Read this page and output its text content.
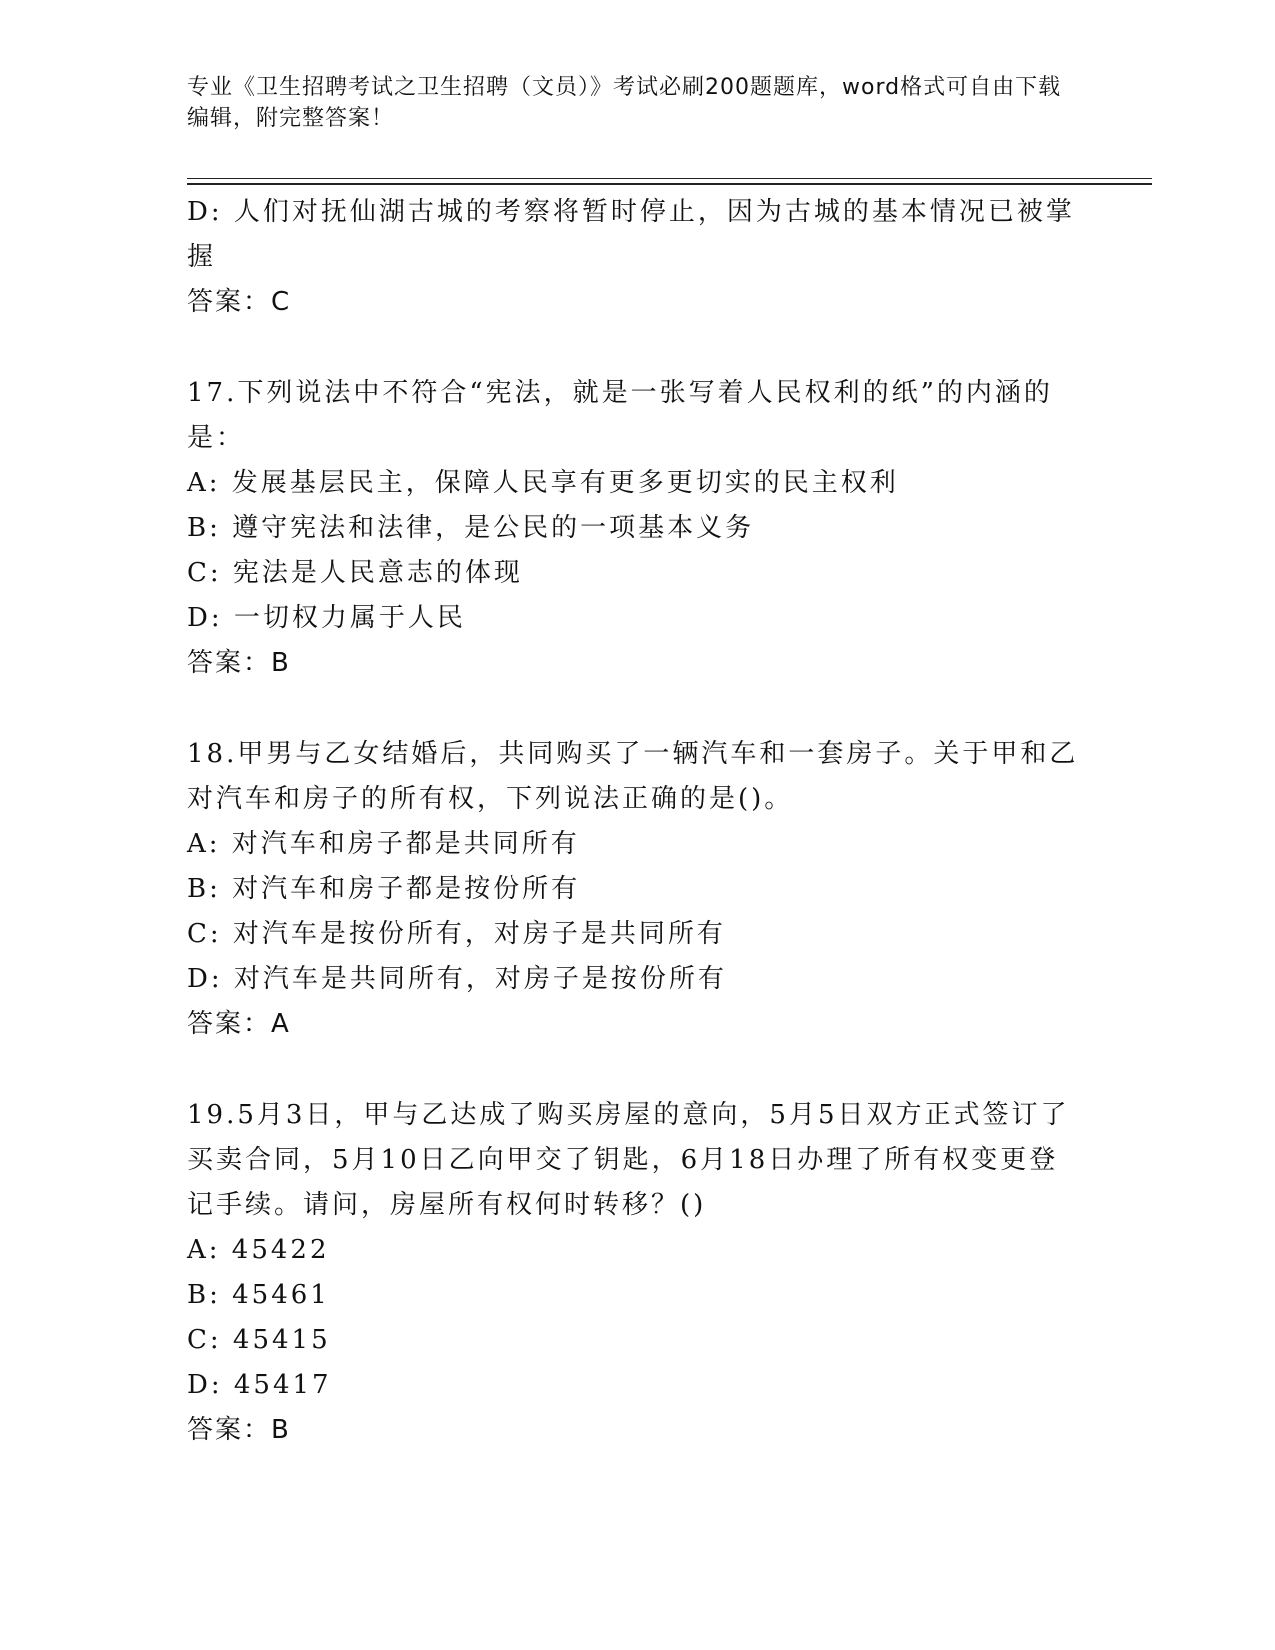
专业《卫生招聘考试之卫生招聘（文员）》考试必刷200题题库，word格式可自由下载编辑，附完整答案！
D: 人们对抚仙湖古城的考察将暂时停止，因为古城的基本情况已被掌握
答案：C
17.下列说法中不符合“宪法，就是一张写着人民权利的纸”的内涵的是：
A: 发展基层民主，保障人民享有更多更切实的民主权利
B: 遵守宪法和法律，是公民的一项基本义务
C: 宪法是人民意志的体现
D: 一切权力属于人民
答案：B
18.甲男与乙女结婚后，共同购买了一辆汽车和一套房子。关于甲和乙对汽车和房子的所有权，下列说法正确的是()。
A: 对汽车和房子都是共同所有
B: 对汽车和房子都是按份所有
C: 对汽车是按份所有，对房子是共同所有
D: 对汽车是共同所有，对房子是按份所有
答案：A
19.5月3日，甲与乙达成了购买房屋的意向，5月5日双方正式签订了买卖合同，5月10日乙向甲交了钥匙，6月18日办理了所有权变更登记手续。请问，房屋所有权何时转移？()
A: 45422
B: 45461
C: 45415
D: 45417
答案：B
